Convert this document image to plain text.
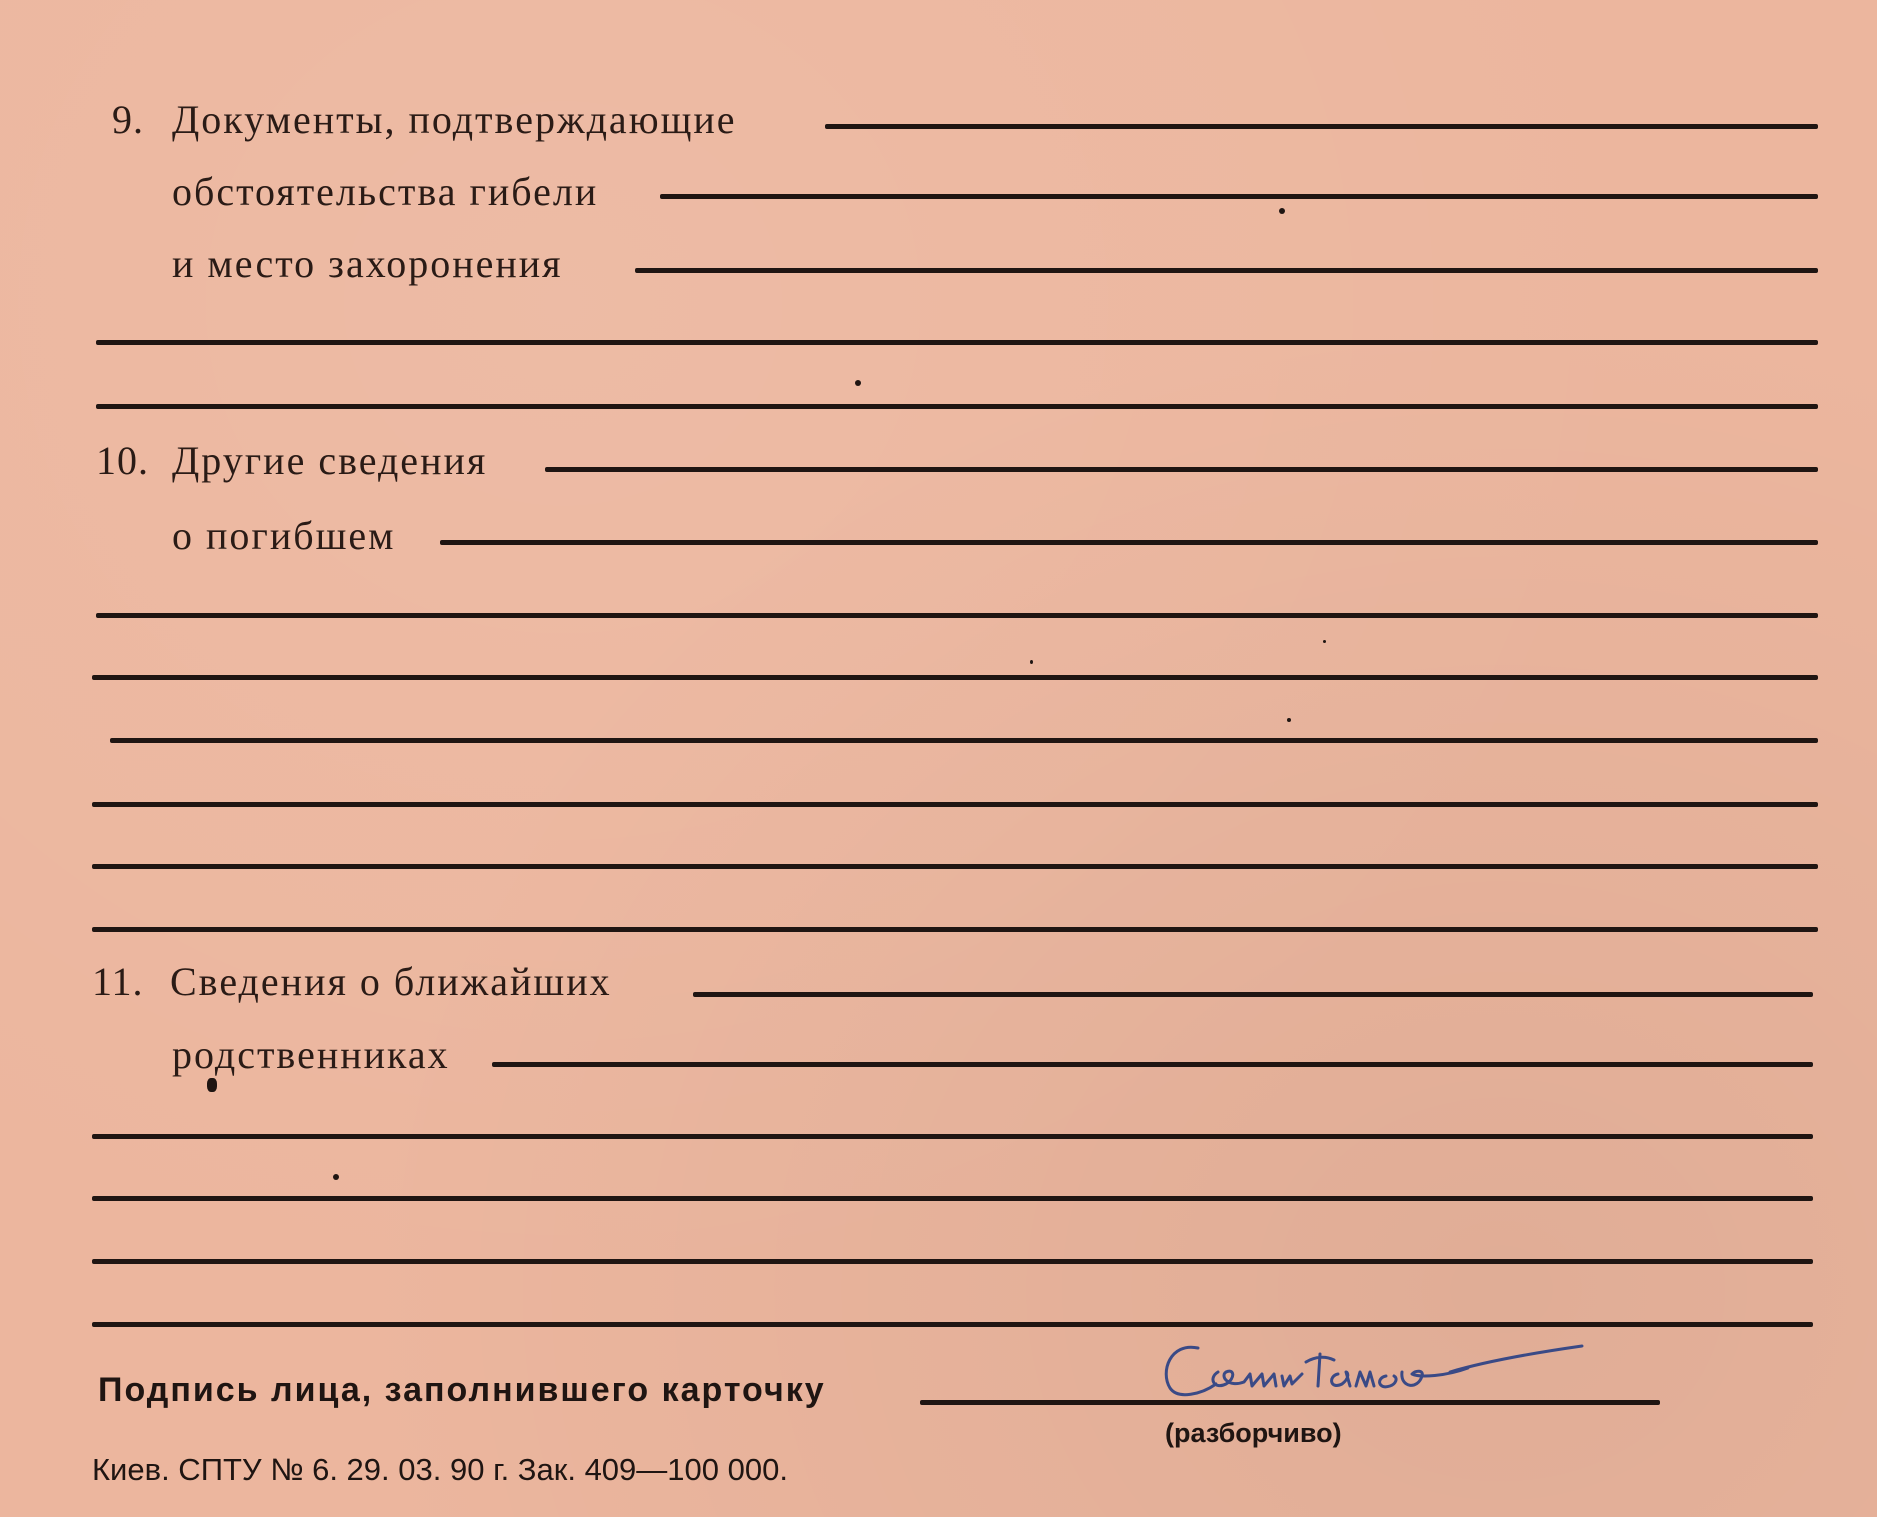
9. Документы, подтверждающие
обстоятельства гибели
и место захоронения
10. Другие сведения
о погибшем
11. Сведения о ближайших
родственниках
Подпись лица, заполнившего карточку
(разборчиво)
Киев. СПТУ № 6. 29. 03. 90 г. Зак. 409—100 000.
